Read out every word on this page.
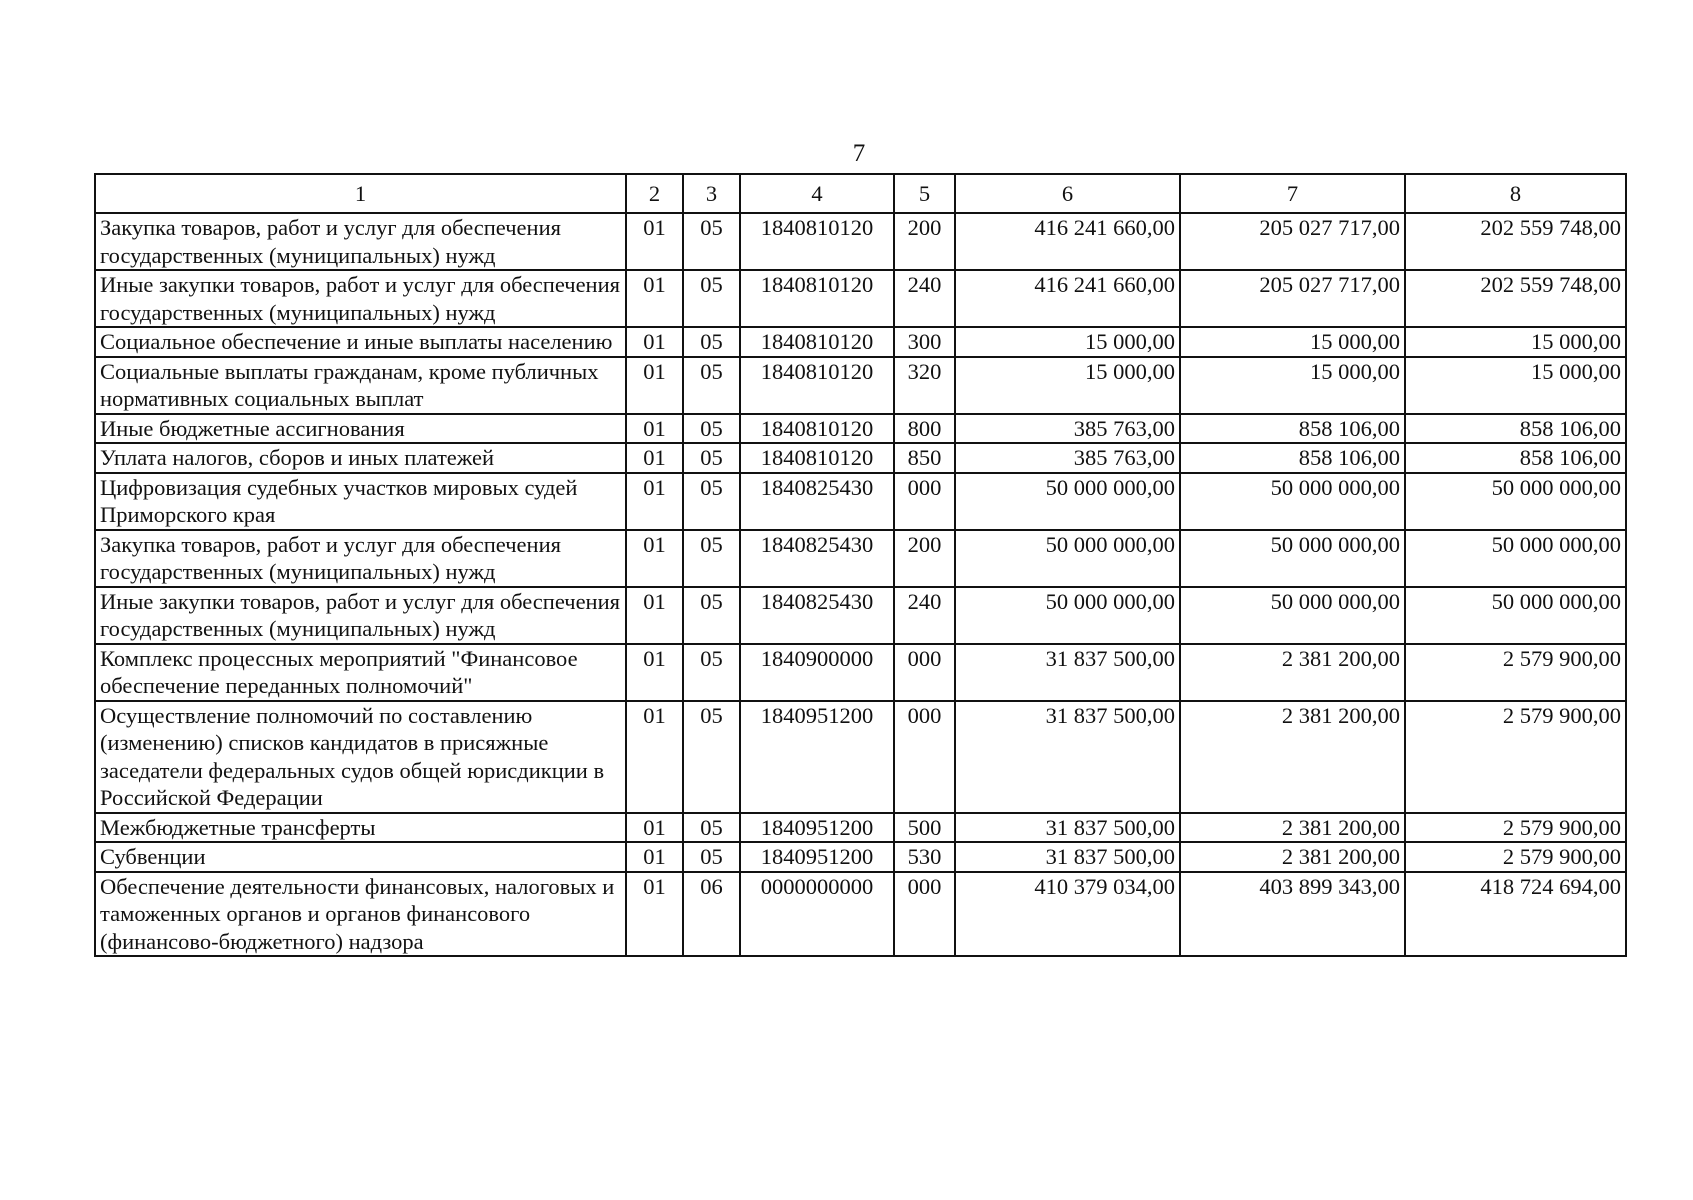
7
1	2	3	4	5	6	7	8
Закупка товаров, работ и услуг для обеспечения государственных (муниципальных) нужд	01	05	1840810120	200	416 241 660,00	205 027 717,00	202 559 748,00
Иные закупки товаров, работ и услуг для обеспечения государственных (муниципальных) нужд	01	05	1840810120	240	416 241 660,00	205 027 717,00	202 559 748,00
Социальное обеспечение и иные выплаты населению	01	05	1840810120	300	15 000,00	15 000,00	15 000,00
Социальные выплаты гражданам, кроме публичных нормативных социальных выплат	01	05	1840810120	320	15 000,00	15 000,00	15 000,00
Иные бюджетные ассигнования	01	05	1840810120	800	385 763,00	858 106,00	858 106,00
Уплата налогов, сборов и иных платежей	01	05	1840810120	850	385 763,00	858 106,00	858 106,00
Цифровизация судебных участков мировых судей Приморского края	01	05	1840825430	000	50 000 000,00	50 000 000,00	50 000 000,00
Закупка товаров, работ и услуг для обеспечения государственных (муниципальных) нужд	01	05	1840825430	200	50 000 000,00	50 000 000,00	50 000 000,00
Иные закупки товаров, работ и услуг для обеспечения государственных (муниципальных) нужд	01	05	1840825430	240	50 000 000,00	50 000 000,00	50 000 000,00
Комплекс процессных мероприятий "Финансовое обеспечение переданных полномочий"	01	05	1840900000	000	31 837 500,00	2 381 200,00	2 579 900,00
Осуществление полномочий по составлению (изменению) списков кандидатов в присяжные заседатели федеральных судов общей юрисдикции в Российской Федерации	01	05	1840951200	000	31 837 500,00	2 381 200,00	2 579 900,00
Межбюджетные трансферты	01	05	1840951200	500	31 837 500,00	2 381 200,00	2 579 900,00
Субвенции	01	05	1840951200	530	31 837 500,00	2 381 200,00	2 579 900,00
Обеспечение деятельности финансовых, налоговых и таможенных органов и органов финансового (финансово-бюджетного) надзора	01	06	0000000000	000	410 379 034,00	403 899 343,00	418 724 694,00
